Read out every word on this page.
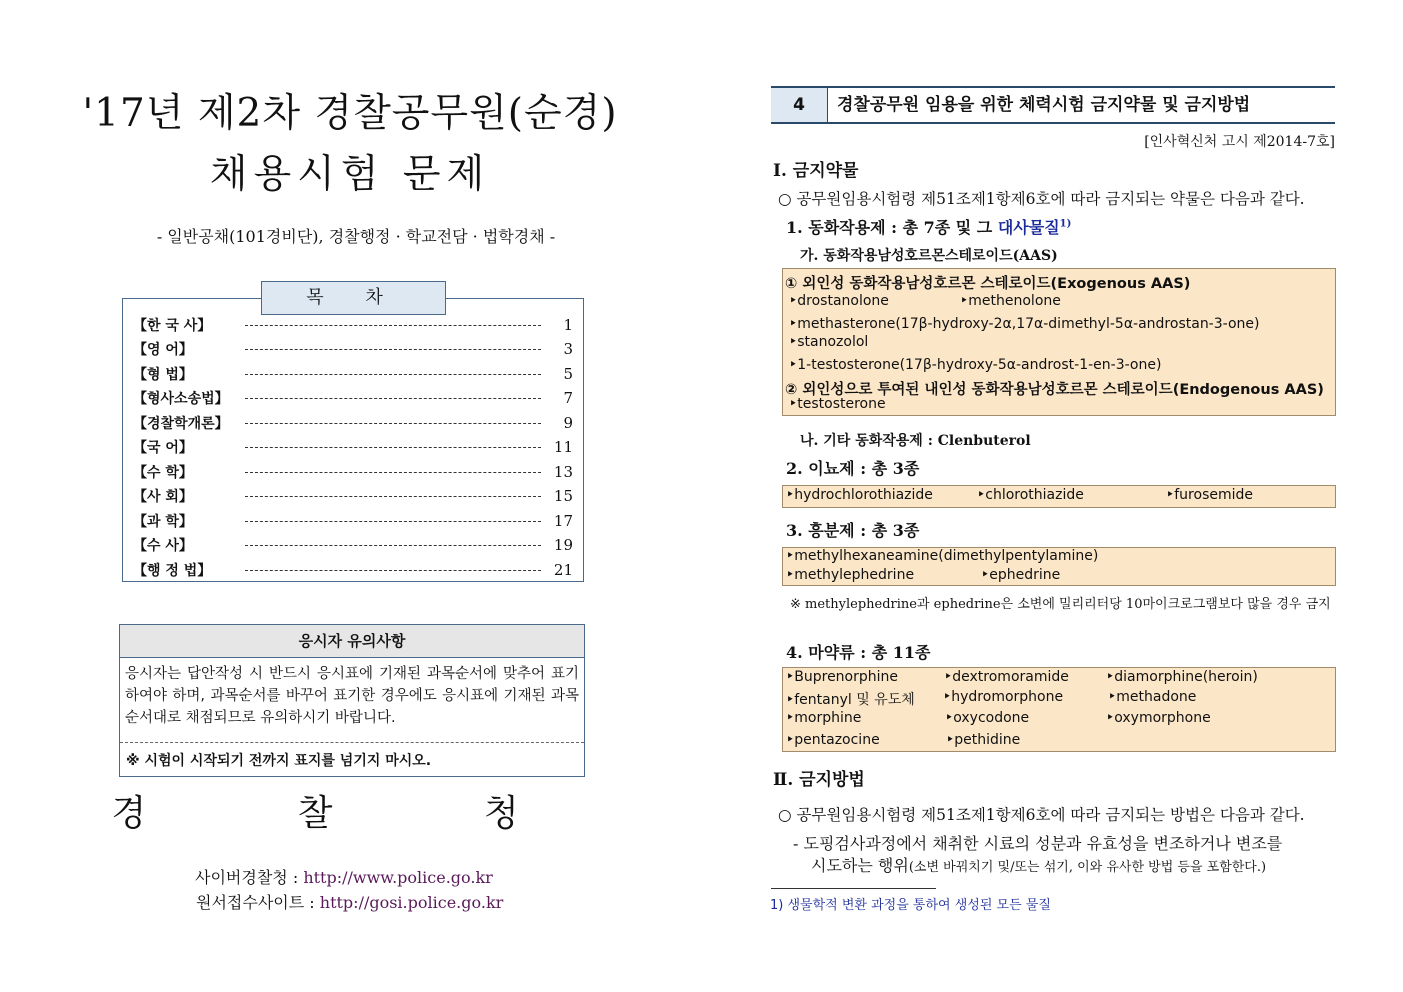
'17년 제2차 경찰공무원(순경)
채용시험 문제
- 일반공채(101경비단), 경찰행정 · 학교전담 · 법학경채 -
【한 국 사】	1
【영 어】	3
【형 법】	5
【형사소송법】	7
【경찰학개론】	9
【국 어】	11
【수 학】	13
【사 회】	15
【과 학】	17
【수 사】	19
【행 정 법】	21
목 차
응시자 유의사항
응시자는 답안작성 시 반드시 응시표에 기재된 과목순서에 맞추어 표기하여야 하며, 과목순서를 바꾸어 표기한 경우에도 응시표에 기재된 과목순서대로 채점되므로 유의하시기 바랍니다.
※ 시험이 시작되기 전까지 표지를 넘기지 마시오.
경 찰 청
사이버경찰청 : http://www.police.go.kr
원서접수사이트 : http://gosi.police.go.kr
4	경찰공무원 임용을 위한 체력시험 금지약물 및 금지방법
[인사혁신처 고시 제2014-7호]
Ⅰ. 금지약물
○ 공무원임용시험령 제51조제1항제6호에 따라 금지되는 약물은 다음과 같다.
1. 동화작용제 : 총 7종 및 그 대사물질$^{1)}$
가. 동화작용남성호르몬스테로이드(AAS)
① 외인성 동화작용남성호르몬 스테로이드(Exogenous AAS)
‣drostanolone	‣methenolone
‣methasterone(17β-hydroxy-2α,17α-dimethyl-5α-androstan-3-one)
‣stanozolol
‣1-testosterone(17β-hydroxy-5α-androst-1-en-3-one)
② 외인성으로 투여된 내인성 동화작용남성호르몬 스테로이드(Endogenous AAS)
‣testosterone
나. 기타 동화작용제 : Clenbuterol
2. 이뇨제 : 총 3종
‣hydrochlorothiazide	‣chlorothiazide	‣furosemide
3. 흥분제 : 총 3종
‣methylhexaneamine(dimethylpentylamine)
‣methylephedrine	‣ephedrine
※ methylephedrine과 ephedrine은 소변에 밀리리터당 10마이크로그램보다 많을 경우 금지
4. 마약류 : 총 11종
‣Buprenorphine	‣dextromoramide	‣diamorphine(heroin)
‣fentanyl 및 유도체 ‣hydromorphone	‣methadone
‣morphine	‣oxycodone	‣oxymorphone
‣pentazocine	‣pethidine
Ⅱ. 금지방법
○ 공무원임용시험령 제51조제1항제6호에 따라 금지되는 방법은 다음과 같다.
- 도핑검사과정에서 채취한 시료의 성분과 유효성을 변조하거나 변조를
시도하는 행위(소변 바꿔치기 및/또는 섞기, 이와 유사한 방법 등을 포함한다.)
1) 생물학적 변환 과정을 통하여 생성된 모든 물질
